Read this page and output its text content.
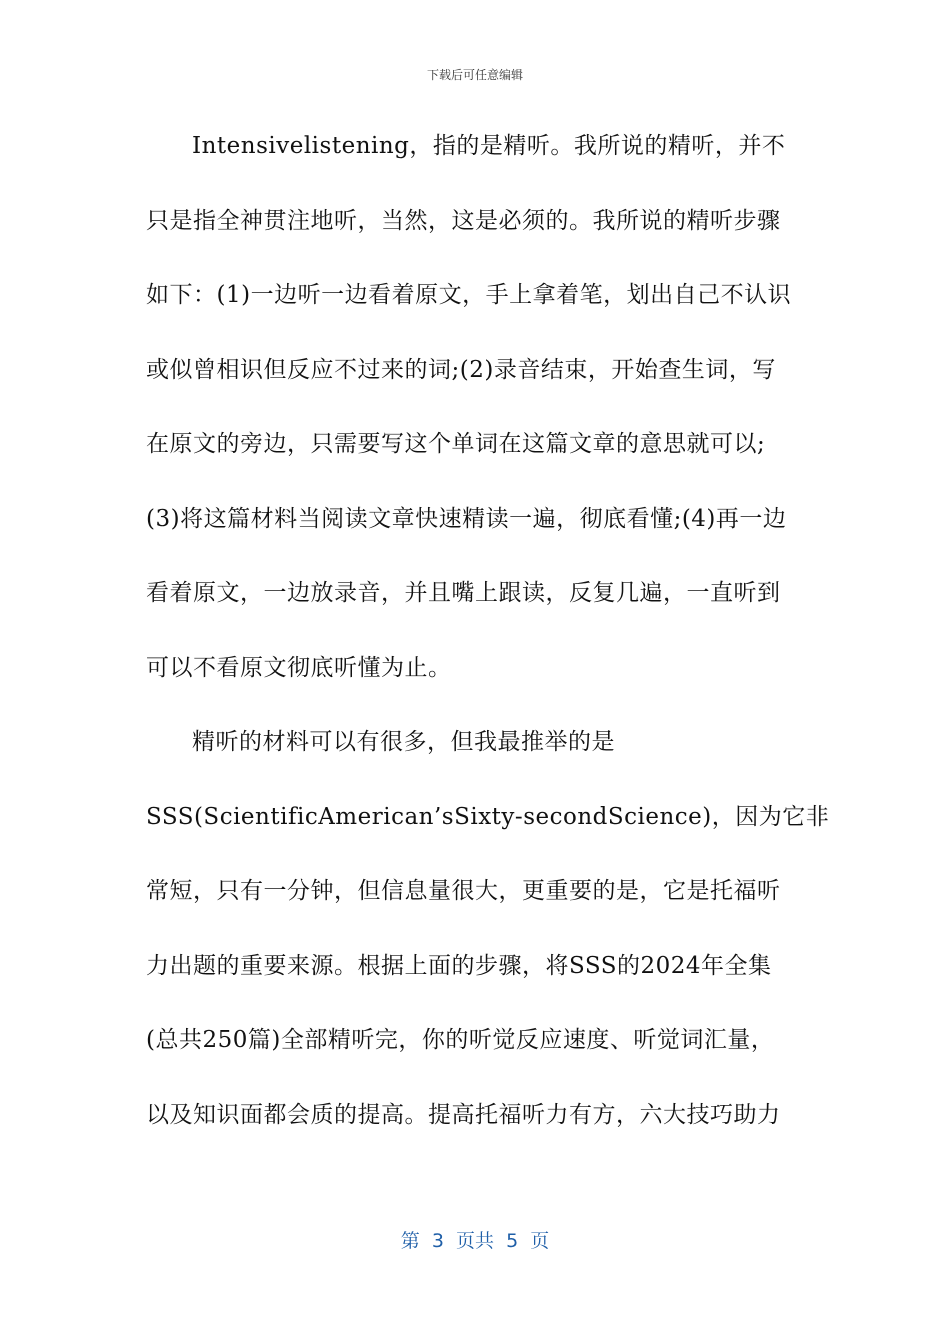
下载后可任意编辑
Intensivelistening，指的是精听。我所说的精听，并不
只是指全神贯注地听，当然，这是必须的。我所说的精听步骤
如下：(1)一边听一边看着原文，手上拿着笔，划出自己不认识
或似曾相识但反应不过来的词;(2)录音结束，开始查生词，写
在原文的旁边，只需要写这个单词在这篇文章的意思就可以;
(3)将这篇材料当阅读文章快速精读一遍，彻底看懂;(4)再一边
看着原文，一边放录音，并且嘴上跟读，反复几遍，一直听到
可以不看原文彻底听懂为止。
精听的材料可以有很多，但我最推举的是
SSS(ScientificAmerican’sSixty-secondScience)，因为它非
常短，只有一分钟，但信息量很大，更重要的是，它是托福听
力出题的重要来源。根据上面的步骤，将SSS的2024年全集
(总共250篇)全部精听完，你的听觉反应速度、听觉词汇量，
以及知识面都会质的提高。提高托福听力有方，六大技巧助力
第  3  页共  5  页
